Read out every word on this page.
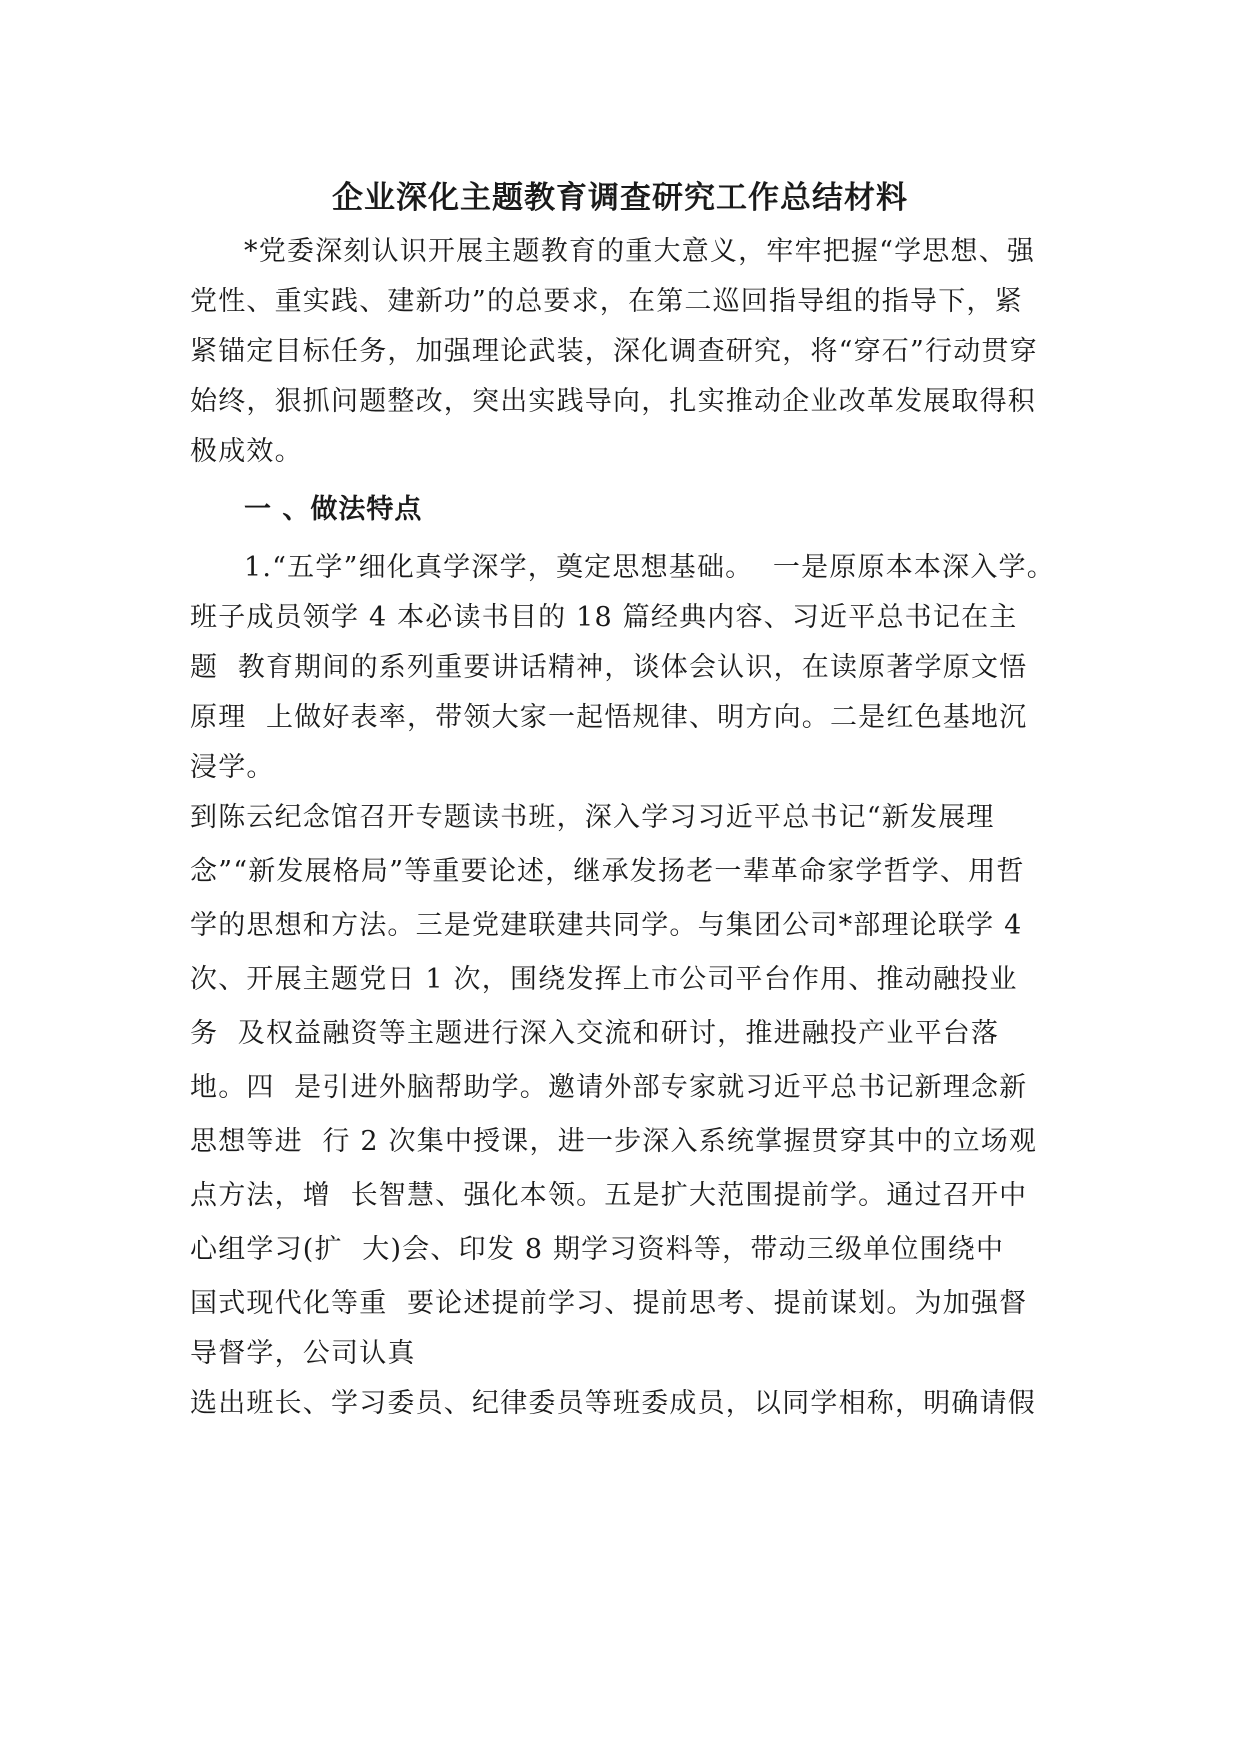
企业深化主题教育调查研究工作总结材料
*党委深刻认识开展主题教育的重大意义，牢牢把握“学思想、强
党性、重实践、建新功”的总要求，在第二巡回指导组的指导下，紧
紧锚定目标任务，加强理论武装，深化调查研究，将“穿石”行动贯穿
始终，狠抓问题整改，突出实践导向，扎实推动企业改革发展取得积
极成效。
一 、做法特点
1.“五学”细化真学深学，奠定思想基础。  一是原原本本深入学。
班子成员领学 4 本必读书目的 18 篇经典内容、习近平总书记在主
题  教育期间的系列重要讲话精神，谈体会认识，在读原著学原文悟
原理  上做好表率，带领大家一起悟规律、明方向。二是红色基地沉
浸学。
到陈云纪念馆召开专题读书班，深入学习习近平总书记“新发展理
念”“新发展格局”等重要论述，继承发扬老一辈革命家学哲学、用哲
学的思想和方法。三是党建联建共同学。与集团公司*部理论联学 4
次、开展主题党日 1 次，围绕发挥上市公司平台作用、推动融投业
务  及权益融资等主题进行深入交流和研讨，推进融投产业平台落
地。四  是引进外脑帮助学。邀请外部专家就习近平总书记新理念新
思想等进  行 2 次集中授课，进一步深入系统掌握贯穿其中的立场观
点方法，增  长智慧、强化本领。五是扩大范围提前学。通过召开中
心组学习(扩  大)会、印发 8 期学习资料等，带动三级单位围绕中
国式现代化等重  要论述提前学习、提前思考、提前谋划。为加强督
导督学，公司认真
选出班长、学习委员、纪律委员等班委成员，以同学相称，明确请假
